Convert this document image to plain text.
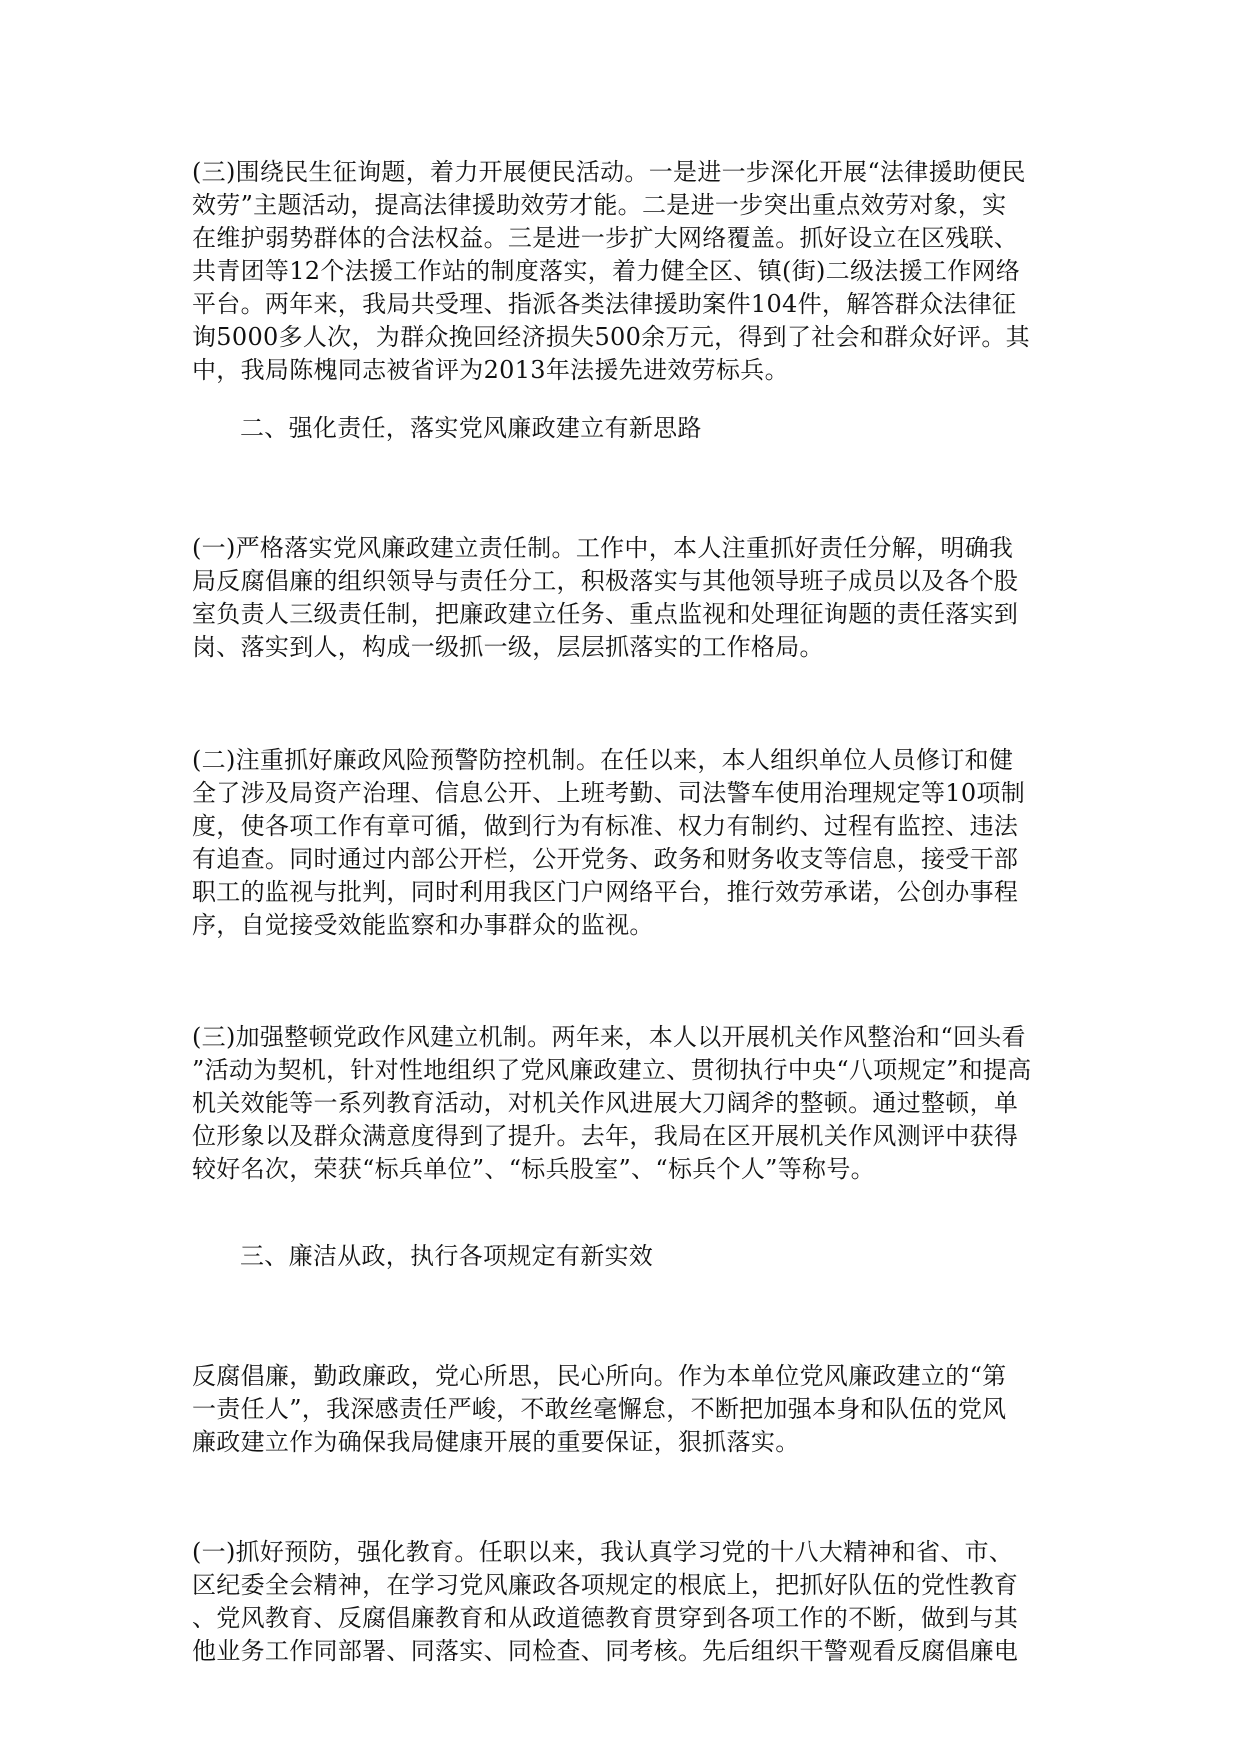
(三)围绕民生征询题，着力开展便民活动。一是进一步深化开展“法律援助便民
效劳”主题活动，提高法律援助效劳才能。二是进一步突出重点效劳对象，实
在维护弱势群体的合法权益。三是进一步扩大网络覆盖。抓好设立在区残联、
共青团等12个法援工作站的制度落实，着力健全区、镇(街)二级法援工作网络
平台。两年来，我局共受理、指派各类法律援助案件104件，解答群众法律征
询5000多人次，为群众挽回经济损失500余万元，得到了社会和群众好评。其
中，我局陈槐同志被省评为2013年法援先进效劳标兵。
二、强化责任，落实党风廉政建立有新思路
(一)严格落实党风廉政建立责任制。工作中，本人注重抓好责任分解，明确我
局反腐倡廉的组织领导与责任分工，积极落实与其他领导班子成员以及各个股
室负责人三级责任制，把廉政建立任务、重点监视和处理征询题的责任落实到
岗、落实到人，构成一级抓一级，层层抓落实的工作格局。
(二)注重抓好廉政风险预警防控机制。在任以来，本人组织单位人员修订和健
全了涉及局资产治理、信息公开、上班考勤、司法警车使用治理规定等10项制
度，使各项工作有章可循，做到行为有标准、权力有制约、过程有监控、违法
有追查。同时通过内部公开栏，公开党务、政务和财务收支等信息，接受干部
职工的监视与批判，同时利用我区门户网络平台，推行效劳承诺，公创办事程
序，自觉接受效能监察和办事群众的监视。
(三)加强整顿党政作风建立机制。两年来，本人以开展机关作风整治和“回头看
”活动为契机，针对性地组织了党风廉政建立、贯彻执行中央“八项规定”和提高
机关效能等一系列教育活动，对机关作风进展大刀阔斧的整顿。通过整顿，单
位形象以及群众满意度得到了提升。去年，我局在区开展机关作风测评中获得
较好名次，荣获“标兵单位”、“标兵股室”、“标兵个人”等称号。
三、廉洁从政，执行各项规定有新实效
反腐倡廉，勤政廉政，党心所思，民心所向。作为本单位党风廉政建立的“第
一责任人”，我深感责任严峻，不敢丝毫懈怠，不断把加强本身和队伍的党风
廉政建立作为确保我局健康开展的重要保证，狠抓落实。
(一)抓好预防，强化教育。任职以来，我认真学习党的十八大精神和省、市、
区纪委全会精神，在学习党风廉政各项规定的根底上，把抓好队伍的党性教育
、党风教育、反腐倡廉教育和从政道德教育贯穿到各项工作的不断，做到与其
他业务工作同部署、同落实、同检查、同考核。先后组织干警观看反腐倡廉电
